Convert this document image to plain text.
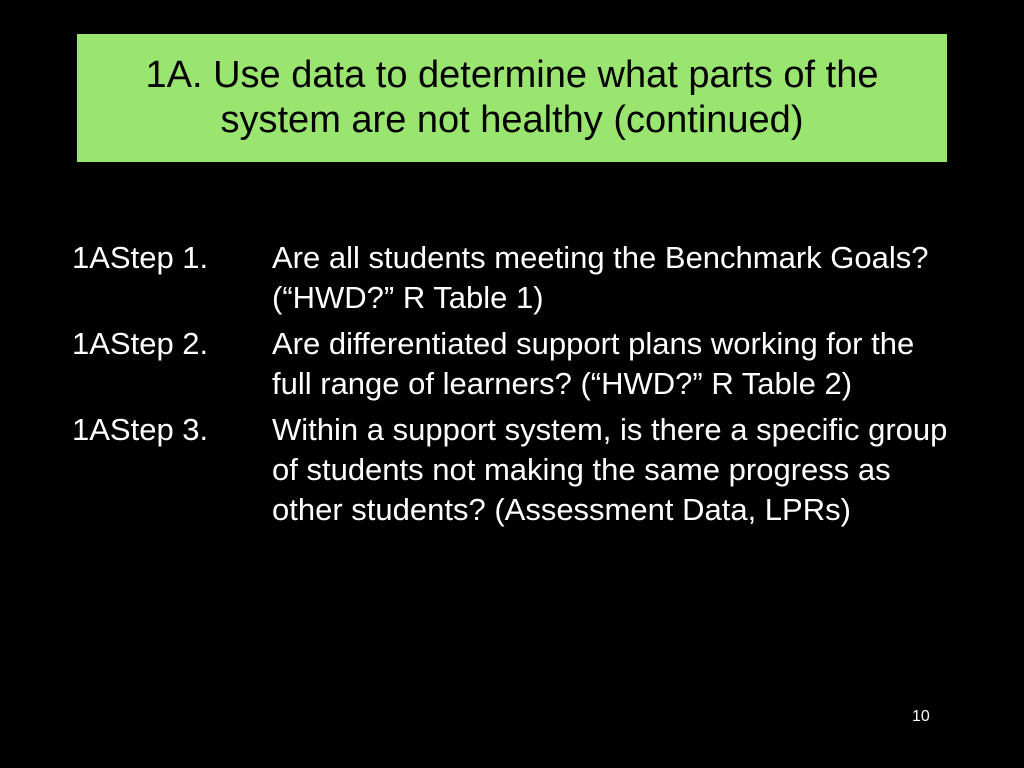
1A. Use data to determine what parts of the system are not healthy (continued)
1AStep 1.	Are all students meeting the Benchmark Goals? (“HWD?” R Table 1)
1AStep 2.	Are differentiated support plans working for the full range of learners? (“HWD?” R Table 2)
1AStep 3.	Within a support system, is there a specific group of students not making the same progress as other students? (Assessment Data, LPRs)
10
